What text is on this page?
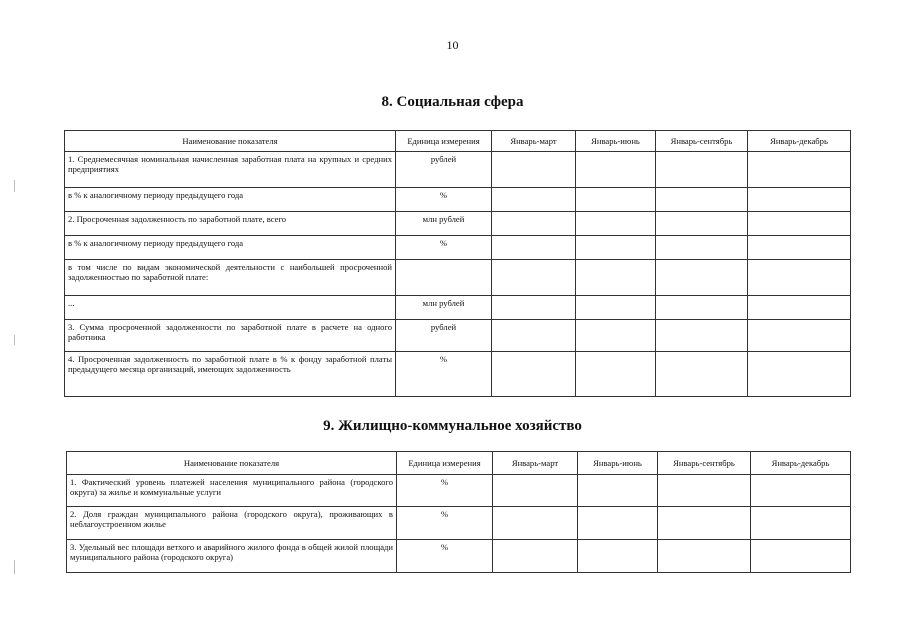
10
8. Социальная сфера
Наименование показателя	Единица измерения	Январь-март	Январь-июнь	Январь-сентябрь	Январь-декабрь
1. Среднемесячная номинальная начисленная заработная плата на крупных и средних предприятиях	рублей				
в % к аналогичному периоду предыдущего года	%				
2. Просроченная задолженность по заработной плате, всего	млн рублей				
в % к аналогичному периоду предыдущего года	%				
в том числе по видам экономической деятельности с наибольшей просроченной задолженностью по заработной плате:					
...	млн рублей				
3. Сумма просроченной задолженности по заработной плате в расчете на одного работника	рублей				
4. Просроченная задолженность по заработной плате в % к фонду заработной платы предыдущего месяца организаций, имеющих задолженность	%				
9. Жилищно-коммунальное хозяйство
Наименование показателя	Единица измерения	Январь-март	Январь-июнь	Январь-сентябрь	Январь-декабрь
1. Фактический уровень платежей населения муниципального района (городского округа) за жилье и коммунальные услуги	%				
2. Доля граждан муниципального района (городского округа), проживающих в неблагоустроенном жилье	%				
3. Удельный вес площади ветхого и аварийного жилого фонда в общей жилой площади муниципального района (городского округа)	%				
